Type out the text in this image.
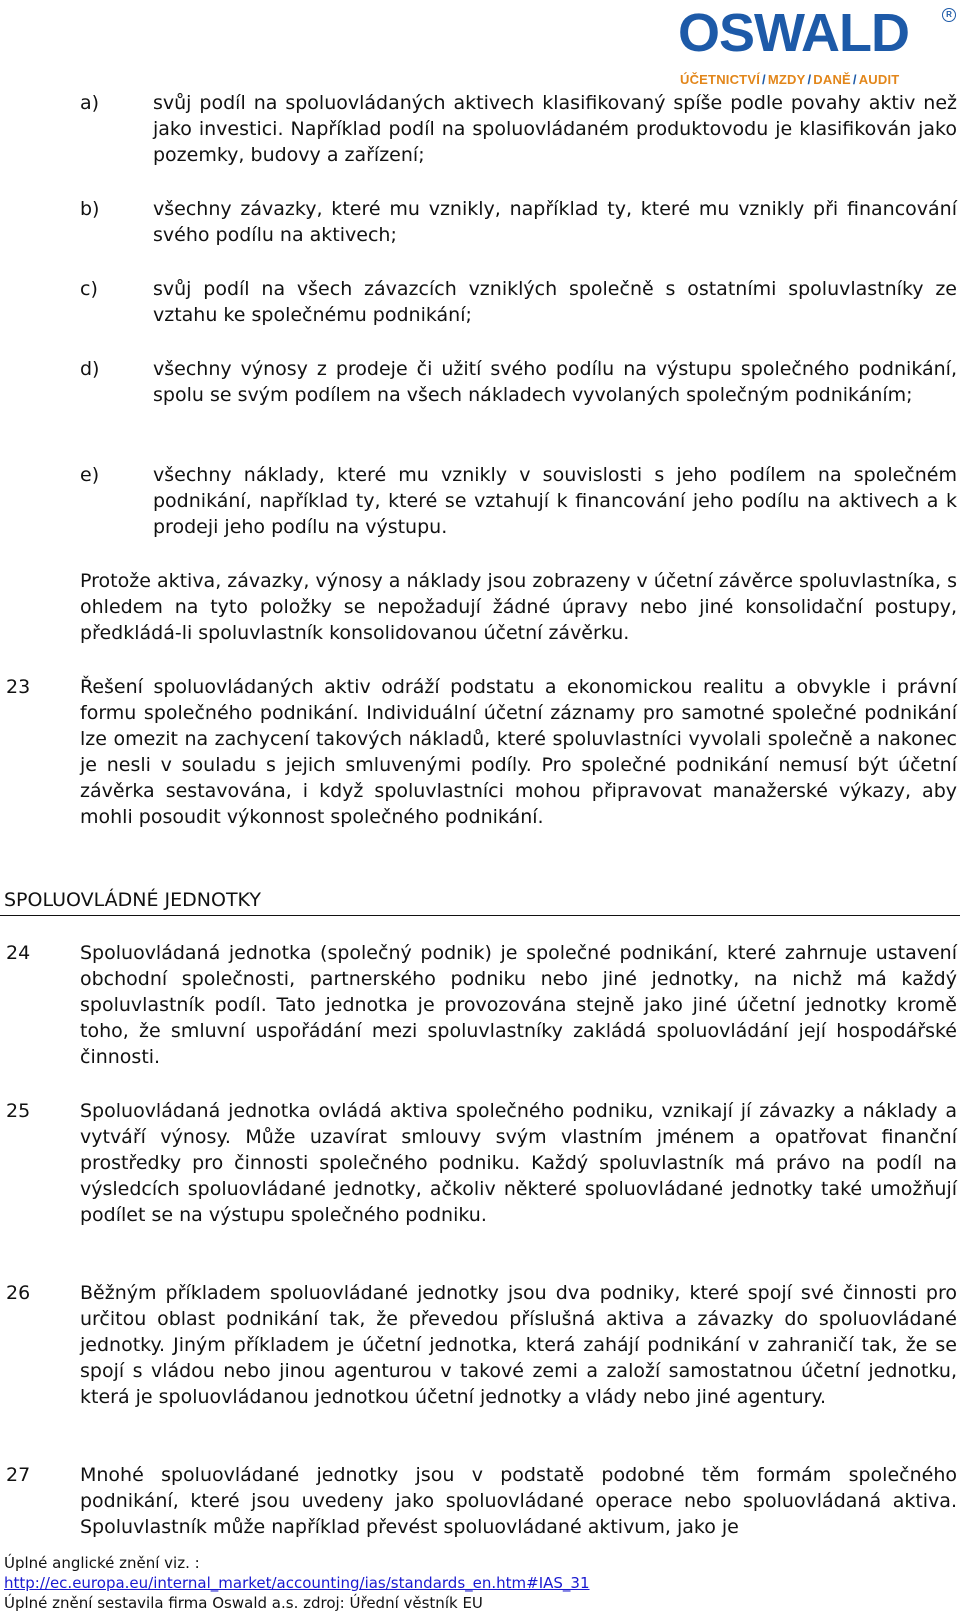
OSWALD	R
ÚČETNICTVÍ / MZDY / DANĚ / AUDIT
a)	svůj podíl na spoluovládaných aktivech klasifikovaný spíše podle povahy aktiv než jako investici. Například podíl na spoluovládaném produktovodu je klasifikován jako pozemky, budovy a zařízení;
b)	všechny závazky, které mu vznikly, například ty, které mu vznikly při financování svého podílu na aktivech;
c)	svůj podíl na všech závazcích vzniklých společně s ostatními spoluvlastníky ze vztahu ke společnému podnikání;
d)	všechny výnosy z prodeje či užití svého podílu na výstupu společného podnikání, spolu se svým podílem na všech nákladech vyvolaných společným podnikáním;
e)	všechny náklady, které mu vznikly v souvislosti s jeho podílem na společném podnikání, například ty, které se vztahují k financování jeho podílu na aktivech a k prodeji jeho podílu na výstupu.
Protože aktiva, závazky, výnosy a náklady jsou zobrazeny v účetní závěrce spoluvlastníka, s ohledem na tyto položky se nepožadují žádné úpravy nebo jiné konsolidační postupy, předkládá-li spoluvlastník konsolidovanou účetní závěrku.
23	Řešení spoluovládaných aktiv odráží podstatu a ekonomickou realitu a obvykle i právní formu společného podnikání. Individuální účetní záznamy pro samotné společné podnikání lze omezit na zachycení takových nákladů, které spoluvlastníci vyvolali společně a nakonec je nesli v souladu s jejich smluvenými podíly. Pro společné podnikání nemusí být účetní závěrka sestavována, i když spoluvlastníci mohou připravovat manažerské výkazy, aby mohli posoudit výkonnost společného podnikání.
SPOLUOVLÁDNÉ JEDNOTKY
24	Spoluovládaná jednotka (společný podnik) je společné podnikání, které zahrnuje ustavení obchodní společnosti, partnerského podniku nebo jiné jednotky, na nichž má každý spoluvlastník podíl. Tato jednotka je provozována stejně jako jiné účetní jednotky kromě toho, že smluvní uspořádání mezi spoluvlastníky zakládá spoluovládání její hospodářské činnosti.
25	Spoluovládaná jednotka ovládá aktiva společného podniku, vznikají jí závazky a náklady a vytváří výnosy. Může uzavírat smlouvy svým vlastním jménem a opatřovat finanční prostředky pro činnosti společného podniku. Každý spoluvlastník má právo na podíl na výsledcích spoluovládané jednotky, ačkoliv některé spoluovládané jednotky také umožňují podílet se na výstupu společného podniku.
26	Běžným příkladem spoluovládané jednotky jsou dva podniky, které spojí své činnosti pro určitou oblast podnikání tak, že převedou příslušná aktiva a závazky do spoluovládané jednotky. Jiným příkladem je účetní jednotka, která zahájí podnikání v zahraničí tak, že se spojí s vládou nebo jinou agenturou v takové zemi a založí samostatnou účetní jednotku, která je spoluovládanou jednotkou účetní jednotky a vlády nebo jiné agentury.
27	Mnohé spoluovládané jednotky jsou v podstatě podobné těm formám společného podnikání, které jsou uvedeny jako spoluovládané operace nebo spoluovládaná aktiva. Spoluvlastník může například převést spoluovládané aktivum, jako je
Úplné anglické znění viz. :
http://ec.europa.eu/internal_market/accounting/ias/standards_en.htm#IAS_31
Úplné znění sestavila firma Oswald a.s. zdroj: Úřední věstník EU
